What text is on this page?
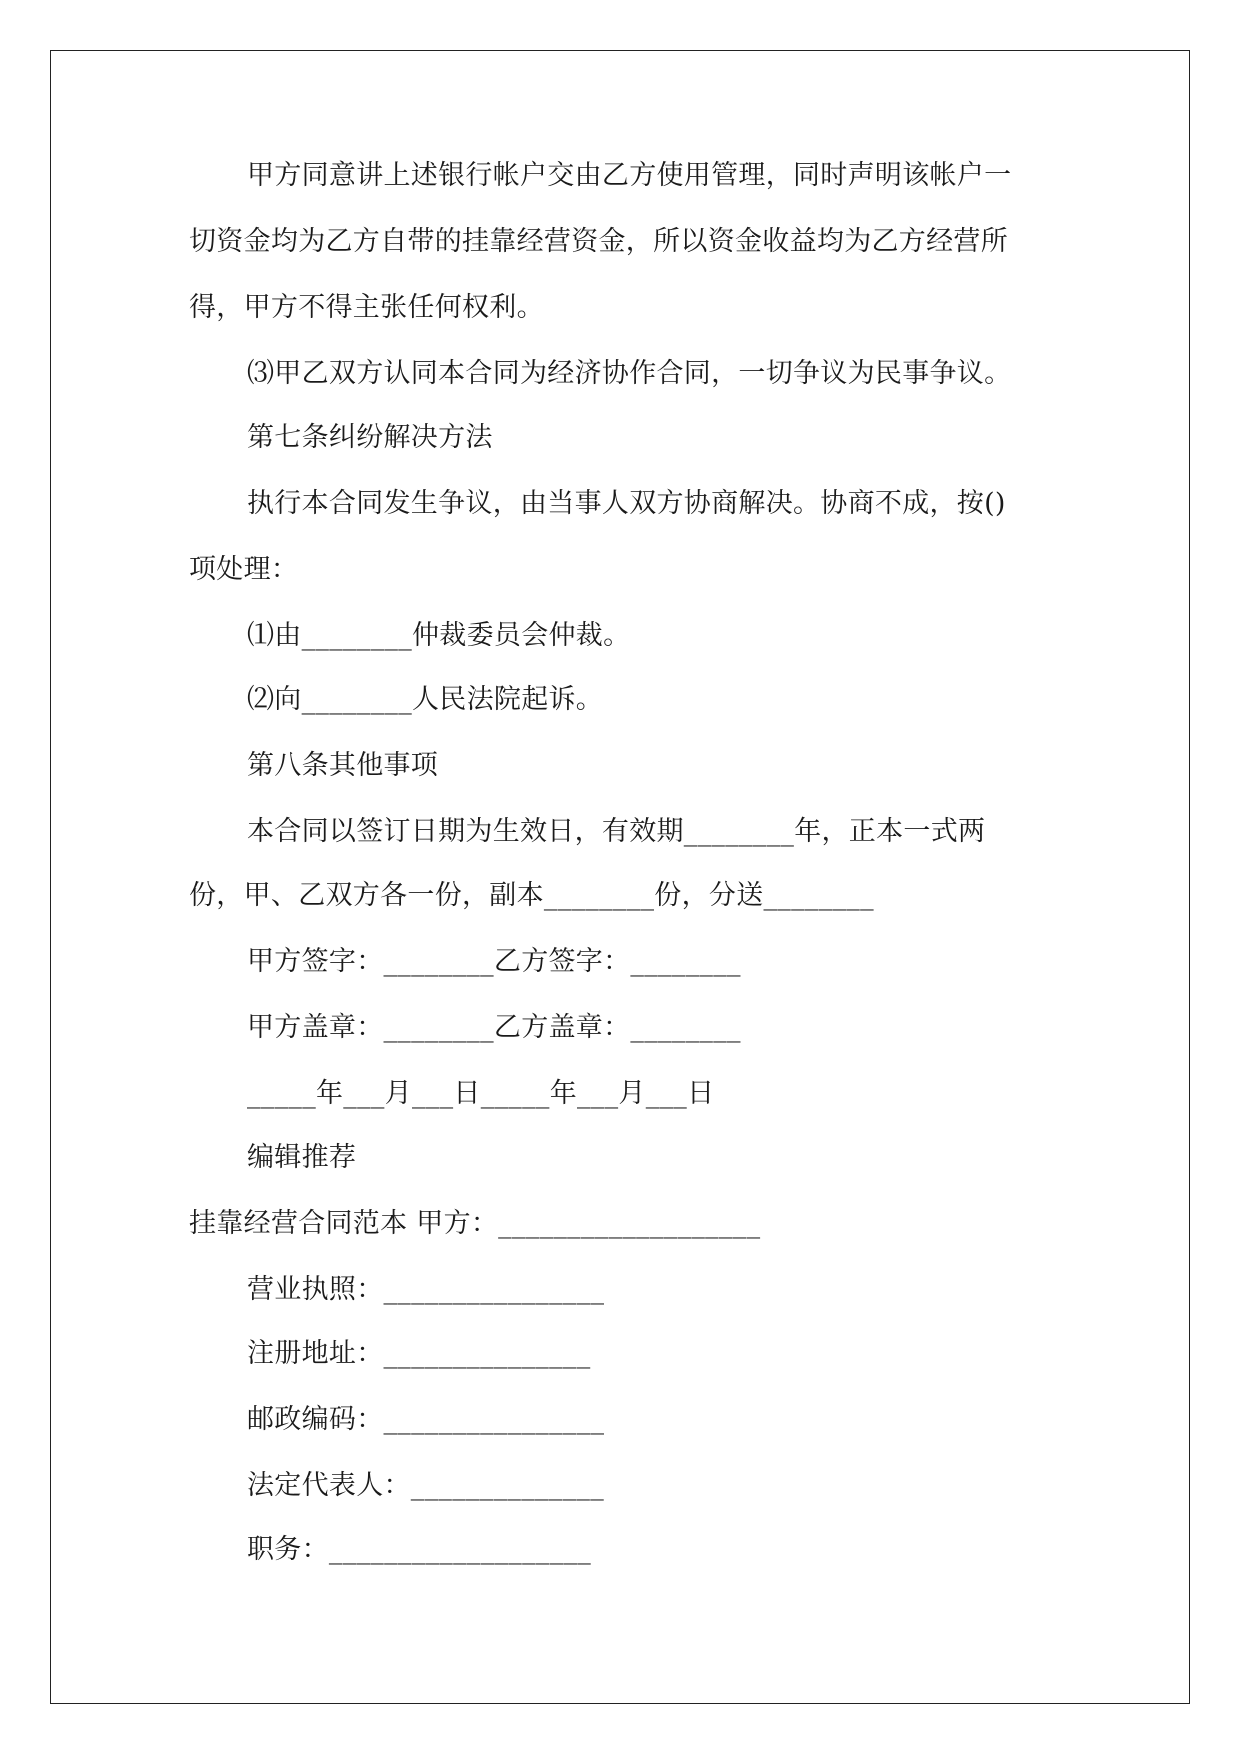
甲方同意讲上述银行帐户交由乙方使用管理，同时声明该帐户一
切资金均为乙方自带的挂靠经营资金，所以资金收益均为乙方经营所
得，甲方不得主张任何权利。
⑶甲乙双方认同本合同为经济协作合同，一切争议为民事争议。
第七条纠纷解决方法
执行本合同发生争议，由当事人双方协商解决。协商不成，按()
项处理：
⑴由________仲裁委员会仲裁。
⑵向________人民法院起诉。
第八条其他事项
本合同以签订日期为生效日，有效期________年，正本一式两
份，甲、乙双方各一份，副本________份，分送________
甲方签字：________乙方签字：________
甲方盖章：________乙方盖章：________
_____年___月___日_____年___月___日
编辑推荐
挂靠经营合同范本 甲方：___________________
营业执照：________________
注册地址：_______________
邮政编码：________________
法定代表人：______________
职务：___________________
